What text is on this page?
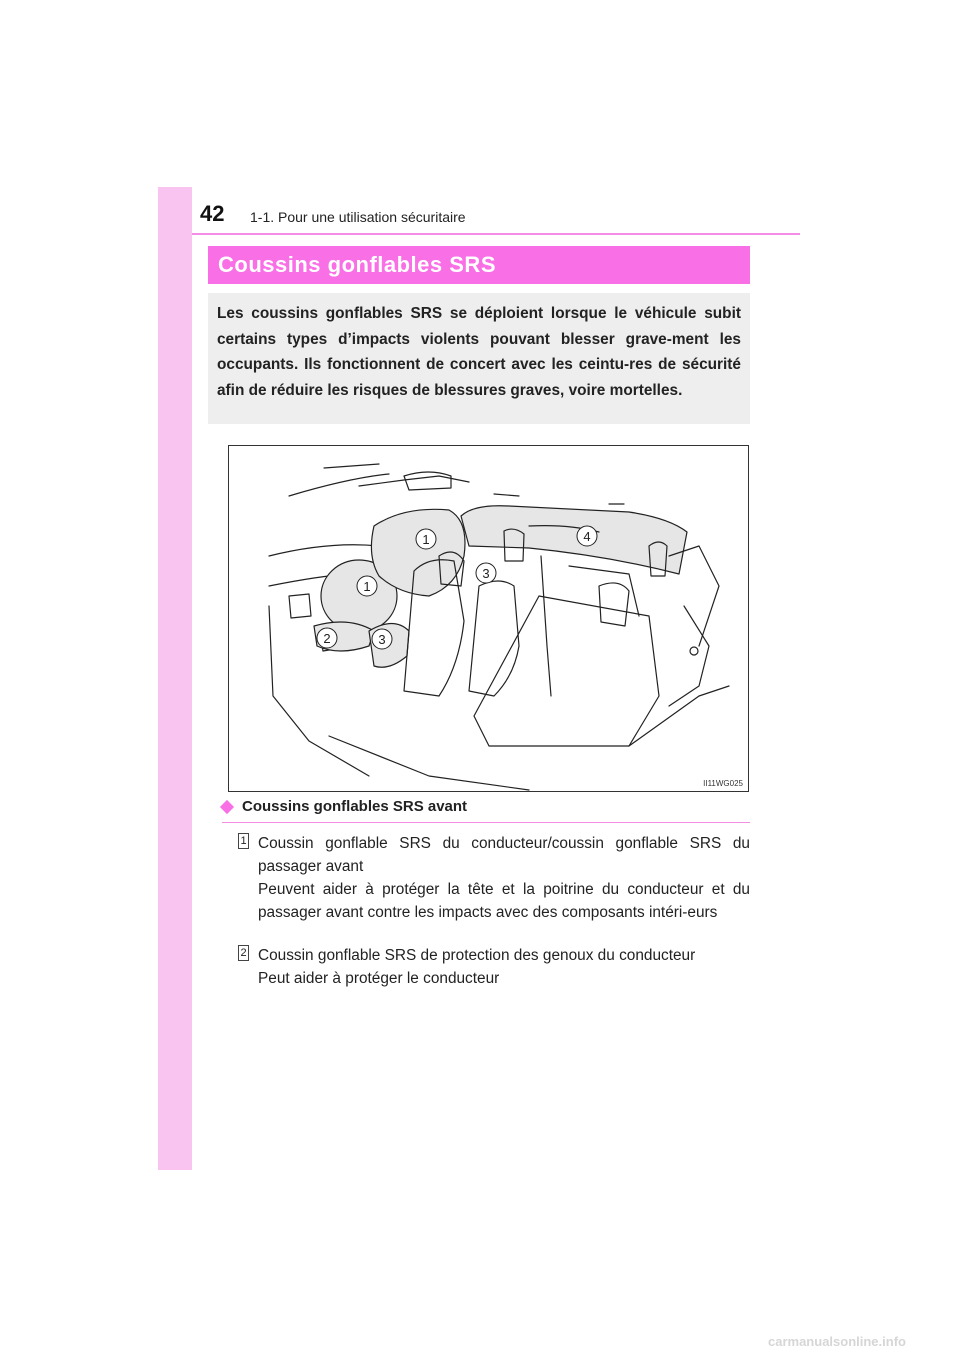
42 1-1. Pour une utilisation sécuritaire
Coussins gonflables SRS

Les coussins gonflables SRS se déploient lorsque le véhicule subit certains types d’impacts violents pouvant blesser grave-ment les occupants. Ils fonctionnent de concert avec les ceintu-res de sécurité afin de réduire les risques de blessures graves, voire mortelles.

1
1
2	3
3
4
II11WG025
Coussins gonflables SRS avant
1 Coussin gonflable SRS du conducteur/coussin gonflable SRS du passager avant

Peuvent aider à protéger la tête et la poitrine du conducteur et du passager avant contre les impacts avec des composants intéri-eurs

2 Coussin gonflable SRS de protection des genoux du conducteur

Peut aider à protéger le conducteur

carmanualsonline.info
